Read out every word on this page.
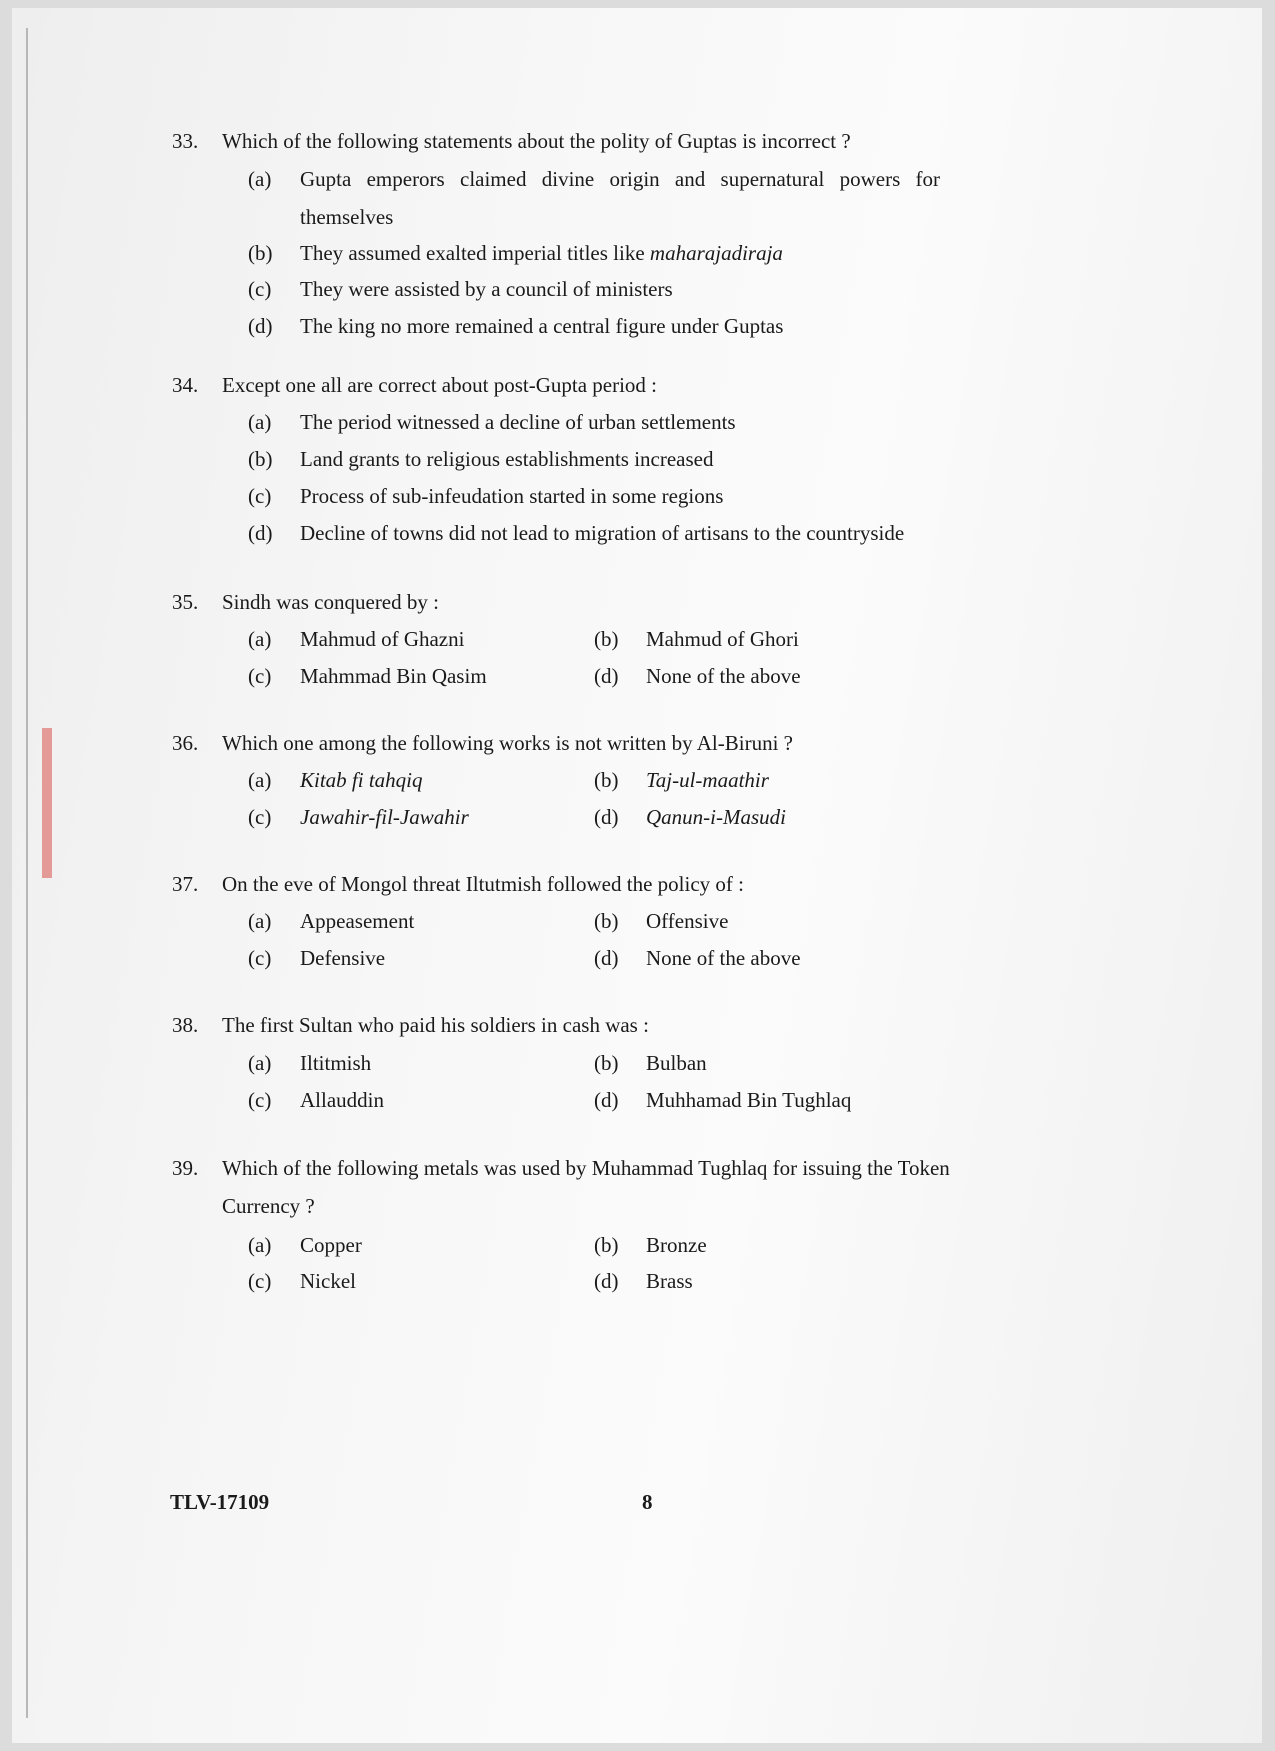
33. Which of the following statements about the polity of Guptas is incorrect ?
(a) Gupta emperors claimed divine origin and supernatural powers for themselves
(b) They assumed exalted imperial titles like maharajadiraja
(c) They were assisted by a council of ministers
(d) The king no more remained a central figure under Guptas
34. Except one all are correct about post-Gupta period :
(a) The period witnessed a decline of urban settlements
(b) Land grants to religious establishments increased
(c) Process of sub-infeudation started in some regions
(d) Decline of towns did not lead to migration of artisans to the countryside
35. Sindh was conquered by :
(a) Mahmud of Ghazni	(b) Mahmud of Ghori
(c) Mahmmad Bin Qasim	(d) None of the above
36. Which one among the following works is not written by Al-Biruni ?
(a) Kitab fi tahqiq	(b) Taj-ul-maathir
(c) Jawahir-fil-Jawahir	(d) Qanun-i-Masudi
37. On the eve of Mongol threat Iltutmish followed the policy of :
(a) Appeasement	(b) Offensive
(c) Defensive	(d) None of the above
38. The first Sultan who paid his soldiers in cash was :
(a) Iltitmish	(b) Bulban
(c) Allauddin	(d) Muhhamad Bin Tughlaq
39. Which of the following metals was used by Muhammad Tughlaq for issuing the Token
Currency ?
(a) Copper	(b) Bronze
(c) Nickel	(d) Brass
TLV-17109	8
